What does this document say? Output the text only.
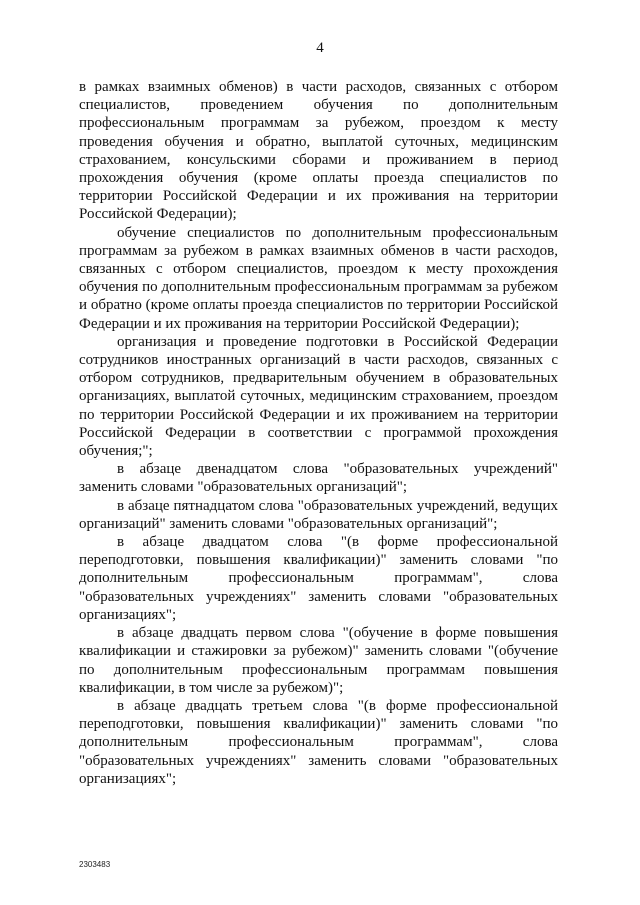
4

в рамках взаимных обменов) в части расходов, связанных с отбором специалистов, проведением обучения по дополнительным профессиональным программам за рубежом, проездом к месту проведения обучения и обратно, выплатой суточных, медицинским страхованием, консульскими сборами и проживанием в период прохождения обучения (кроме оплаты проезда специалистов по территории Российской Федерации и их проживания на территории Российской Федерации);

обучение специалистов по дополнительным профессиональным программам за рубежом в рамках взаимных обменов в части расходов, связанных с отбором специалистов, проездом к месту прохождения обучения по дополнительным профессиональным программам за рубежом и обратно (кроме оплаты проезда специалистов по территории Российской Федерации и их проживания на территории Российской Федерации);

организация и проведение подготовки в Российской Федерации сотрудников иностранных организаций в части расходов, связанных с отбором сотрудников, предварительным обучением в образовательных организациях, выплатой суточных, медицинским страхованием, проездом по территории Российской Федерации и их проживанием на территории Российской Федерации в соответствии с программой прохождения обучения;";

в абзаце двенадцатом слова "образовательных учреждений" заменить словами "образовательных организаций";

в абзаце пятнадцатом слова "образовательных учреждений, ведущих организаций" заменить словами "образовательных организаций";

в абзаце двадцатом слова "(в форме профессиональной переподготовки, повышения квалификации)" заменить словами "по дополнительным профессиональным программам", слова "образовательных учреждениях" заменить словами "образовательных организациях";

в абзаце двадцать первом слова "(обучение в форме повышения квалификации и стажировки за рубежом)" заменить словами "(обучение по дополнительным профессиональным программам повышения квалификации, в том числе за рубежом)";

в абзаце двадцать третьем слова "(в форме профессиональной переподготовки, повышения квалификации)" заменить словами "по дополнительным профессиональным программам", слова "образовательных учреждениях" заменить словами "образовательных организациях";

2303483
